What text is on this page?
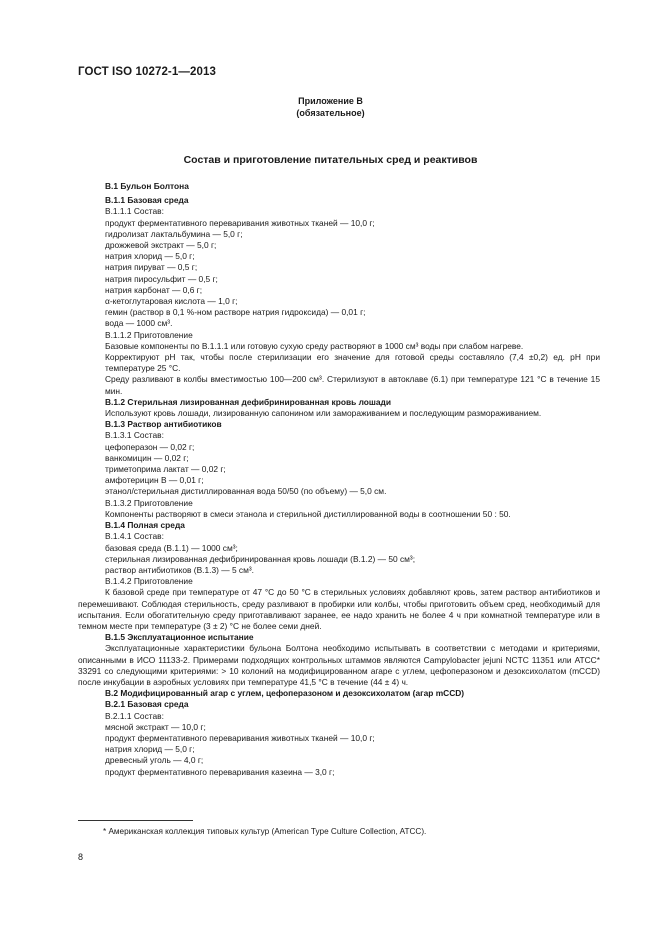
ГОСТ ISO 10272-1—2013
Приложение В
(обязательное)
Состав и приготовление питательных сред и реактивов

В.1 Бульон Болтона

В.1.1 Базовая среда

В.1.1.1 Состав:

продукт ферментативного переваривания животных тканей — 10,0 г;

гидролизат лактальбумина — 5,0 г;

дрожжевой экстракт — 5,0 г;

натрия хлорид — 5,0 г;

натрия пируват — 0,5 г;

натрия пиросульфит — 0,5 г;

натрия карбонат — 0,6 г;

α-кетоглутаровая кислота — 1,0 г;

гемин (раствор в 0,1 %-ном растворе натрия гидроксида) — 0,01 г;

вода — 1000 см³.

В.1.1.2 Приготовление

Базовые компоненты по В.1.1.1 или готовую сухую среду растворяют в 1000 см³ воды при слабом нагреве.

Корректируют pH так, чтобы после стерилизации его значение для готовой среды составляло (7,4 ±0,2) ед. pH при температуре 25 °С.

Среду разливают в колбы вместимостью 100—200 см³. Стерилизуют в автоклаве (6.1) при температуре 121 °С в течение 15 мин.

В.1.2 Стерильная лизированная дефибринированная кровь лошади

Используют кровь лошади, лизированную сапонином или замораживанием и последующим размораживанием.

В.1.3 Раствор антибиотиков

В.1.3.1 Состав:

цефоперазон — 0,02 г;

ванкомицин — 0,02 г;

триметоприма лактат — 0,02 г;

амфотерицин В — 0,01 г;

этанол/стерильная дистиллированная вода 50/50 (по объему) — 5,0 см.

В.1.3.2 Приготовление

Компоненты растворяют в смеси этанола и стерильной дистиллированной воды в соотношении 50 : 50.

В.1.4 Полная среда

В.1.4.1 Состав:

базовая среда (В.1.1) — 1000 см³;

стерильная лизированная дефибринированная кровь лошади (В.1.2) — 50 см³;

раствор антибиотиков (В.1.3) — 5 см³.

В.1.4.2 Приготовление

К базовой среде при температуре от 47 °С до 50 °С в стерильных условиях добавляют кровь, затем раствор антибиотиков и перемешивают. Соблюдая стерильность, среду разливают в пробирки или колбы, чтобы приготовить объем сред, необходимый для испытания. Если обогатительную среду приготавливают заранее, ее надо хранить не более 4 ч при комнатной температуре или в темном месте при температуре (3 ± 2) °С не более семи дней.

В.1.5 Эксплуатационное испытание

Эксплуатационные характеристики бульона Болтона необходимо испытывать в соответствии с методами и критериями, описанными в ИСО 11133-2. Примерами подходящих контрольных штаммов являются Campylobacter jejuni NCTC 11351 или АТСС* 33291 со следующими критериями: > 10 колоний на модифицированном агаре с углем, цефоперазоном и дезоксихолатом (mCCD) после инкубации в аэробных условиях при температуре 41,5 °С в течение (44 ± 4) ч.

В.2 Модифицированный агар с углем, цефоперазоном и дезоксихолатом (агар mCCD)

В.2.1 Базовая среда

В.2.1.1 Состав:

мясной экстракт — 10,0 г;

продукт ферментативного переваривания животных тканей — 10,0 г;

натрия хлорид — 5,0 г;

древесный уголь — 4,0 г;

продукт ферментативного переваривания казеина — 3,0 г;

* Американская коллекция типовых культур (American Type Culture Collection, ATCC).
8
